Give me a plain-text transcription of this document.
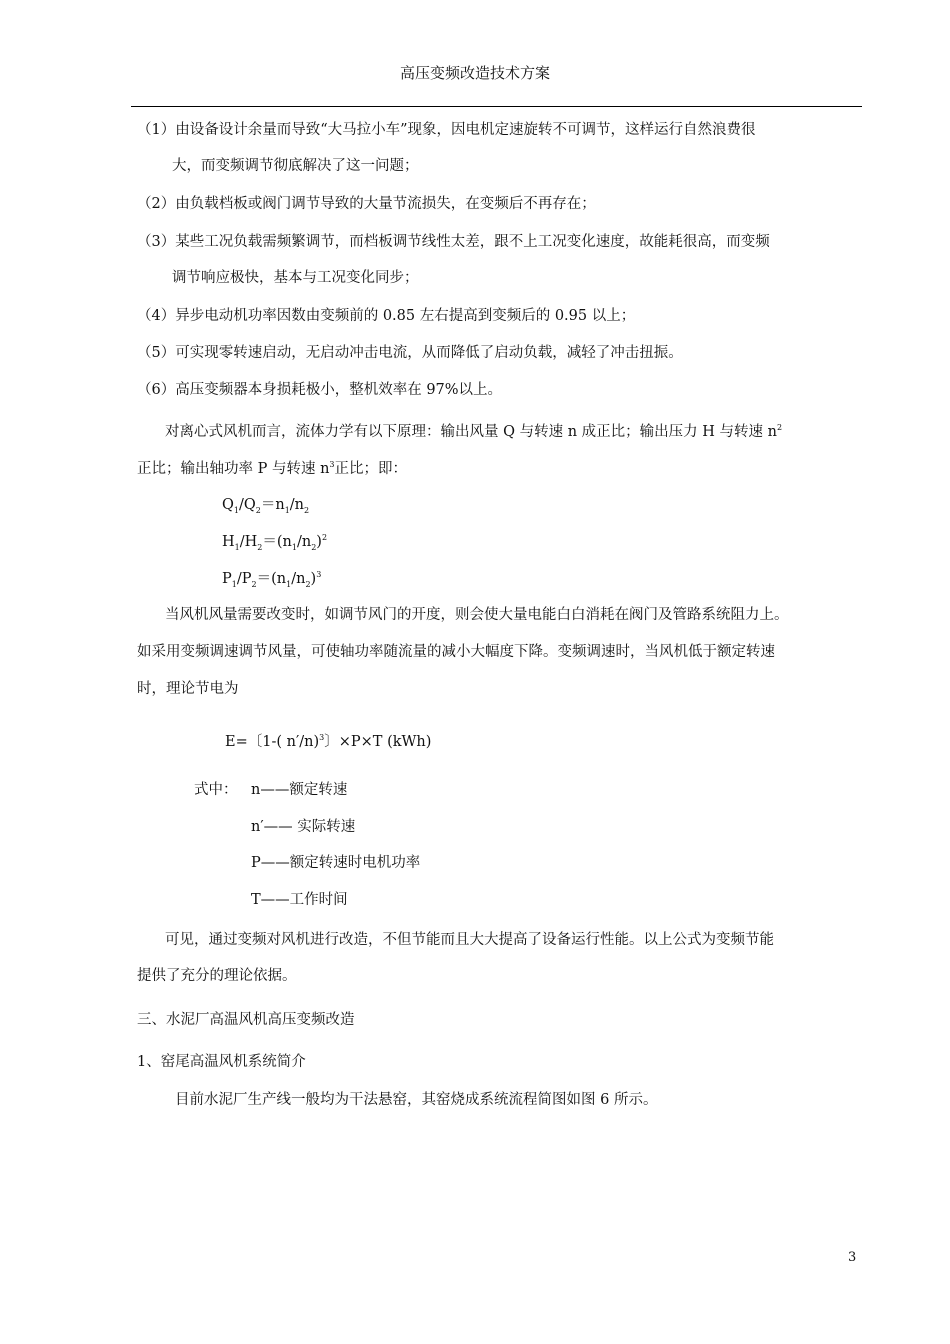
高压变频改造技术方案
（1）由设备设计余量而导致“大马拉小车”现象，因电机定速旋转不可调节，这样运行自然浪费很
大，而变频调节彻底解决了这一问题；
（2）由负载档板或阀门调节导致的大量节流损失，在变频后不再存在；
（3）某些工况负载需频繁调节，而档板调节线性太差，跟不上工况变化速度，故能耗很高，而变频
调节响应极快，基本与工况变化同步；
（4）异步电动机功率因数由变频前的 0.85 左右提高到变频后的 0.95 以上；
（5）可实现零转速启动，无启动冲击电流，从而降低了启动负载，减轻了冲击扭振。
（6）高压变频器本身损耗极小，整机效率在 97%以上。
对离心式风机而言，流体力学有以下原理：输出风量 Q 与转速 n 成正比；输出压力 H 与转速 $n^2$
正比；输出轴功率 P 与转速 $n^3$正比；即：
$Q_1/Q_2=n_1/n_2$
$H_1/H_2=(n_1/n_2)^2$
$P_1/P_2=(n_1/n_2)^3$
当风机风量需要改变时，如调节风门的开度，则会使大量电能白白消耗在阀门及管路系统阻力上。
如采用变频调速调节风量，可使轴功率随流量的减小大幅度下降。变频调速时，当风机低于额定转速
时，理论节电为
E=〔1-( n′/n)$^3$〕×P×T (kWh)
式中： n——额定转速
n′—— 实际转速
P——额定转速时电机功率
T——工作时间
可见，通过变频对风机进行改造，不但节能而且大大提高了设备运行性能。以上公式为变频节能
提供了充分的理论依据。
三、水泥厂高温风机高压变频改造
1、窑尾高温风机系统简介
目前水泥厂生产线一般均为干法悬窑，其窑烧成系统流程简图如图 6 所示。
3
